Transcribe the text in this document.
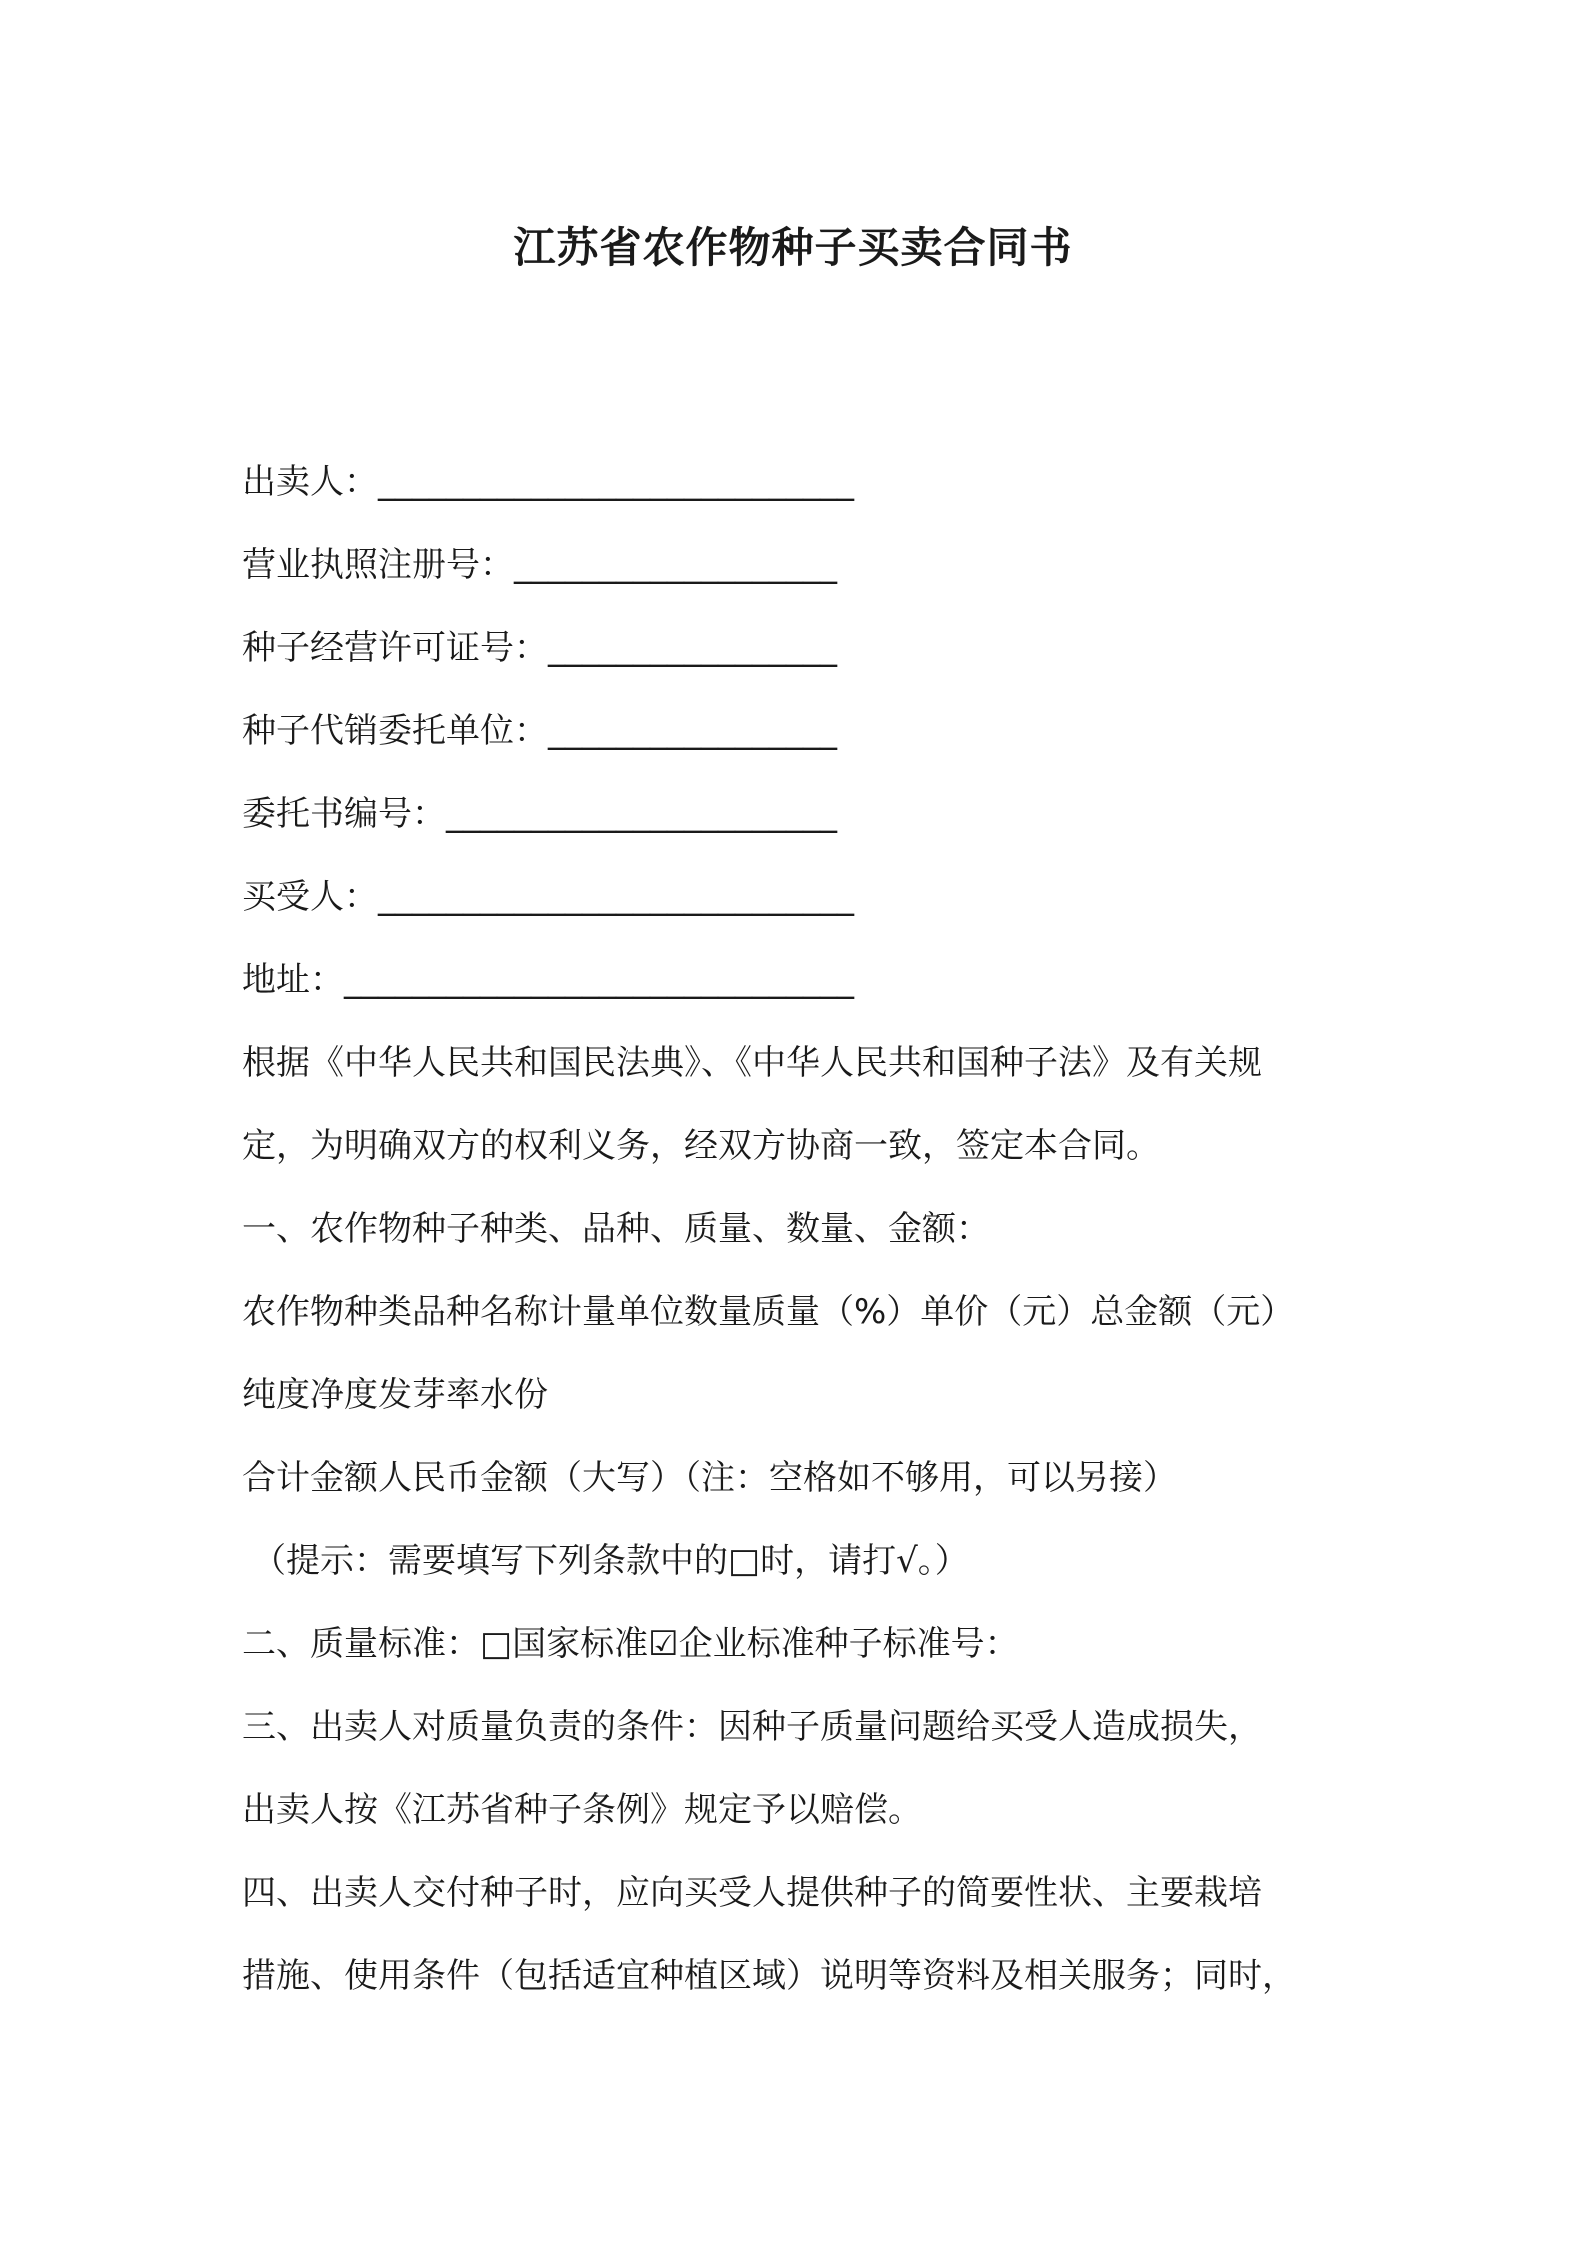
江苏省农作物种子买卖合同书
出卖人：____________________________
营业执照注册号：___________________
种子经营许可证号：_________________
种子代销委托单位：_________________
委托书编号：_______________________
买受人：____________________________
地址：______________________________
根据《中华人民共和国民法典》、《中华人民共和国种子法》及有关规
定，为明确双方的权利义务，经双方协商一致，签定本合同。
一、农作物种子种类、品种、质量、数量、金额：
农作物种类品种名称计量单位数量质量（%）单价（元）总金额（元）
纯度净度发芽率水份
合计金额人民币金额（大写）（注：空格如不够用，可以另接）
（提示：需要填写下列条款中的□时，请打√。）
二、质量标准：□国家标准☑企业标准种子标准号：
三、出卖人对质量负责的条件：因种子质量问题给买受人造成损失，
出卖人按《江苏省种子条例》规定予以赔偿。
四、出卖人交付种子时，应向买受人提供种子的简要性状、主要栽培
措施、使用条件（包括适宜种植区域）说明等资料及相关服务；同时，
